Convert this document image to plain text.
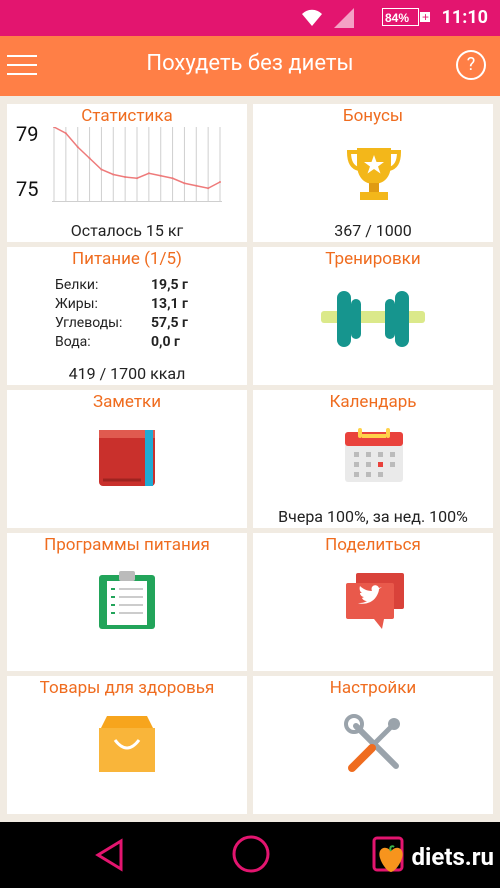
84% + 11:10
Похудеть без диеты	?
Статистика
79
75
Осталось 15 кг
Бонусы
367 / 1000
Питание (1/5)
Белки:	19,5 г
Жиры:	13,1 г
Углеводы: 57,5 г
Вода:	0,0 г
419 / 1700 ккал
Тренировки
Заметки	Календарь
Вчера 100%, за нед. 100%
Программы питания	Поделиться
Товары для здоровья	Настройки
diets.ru
